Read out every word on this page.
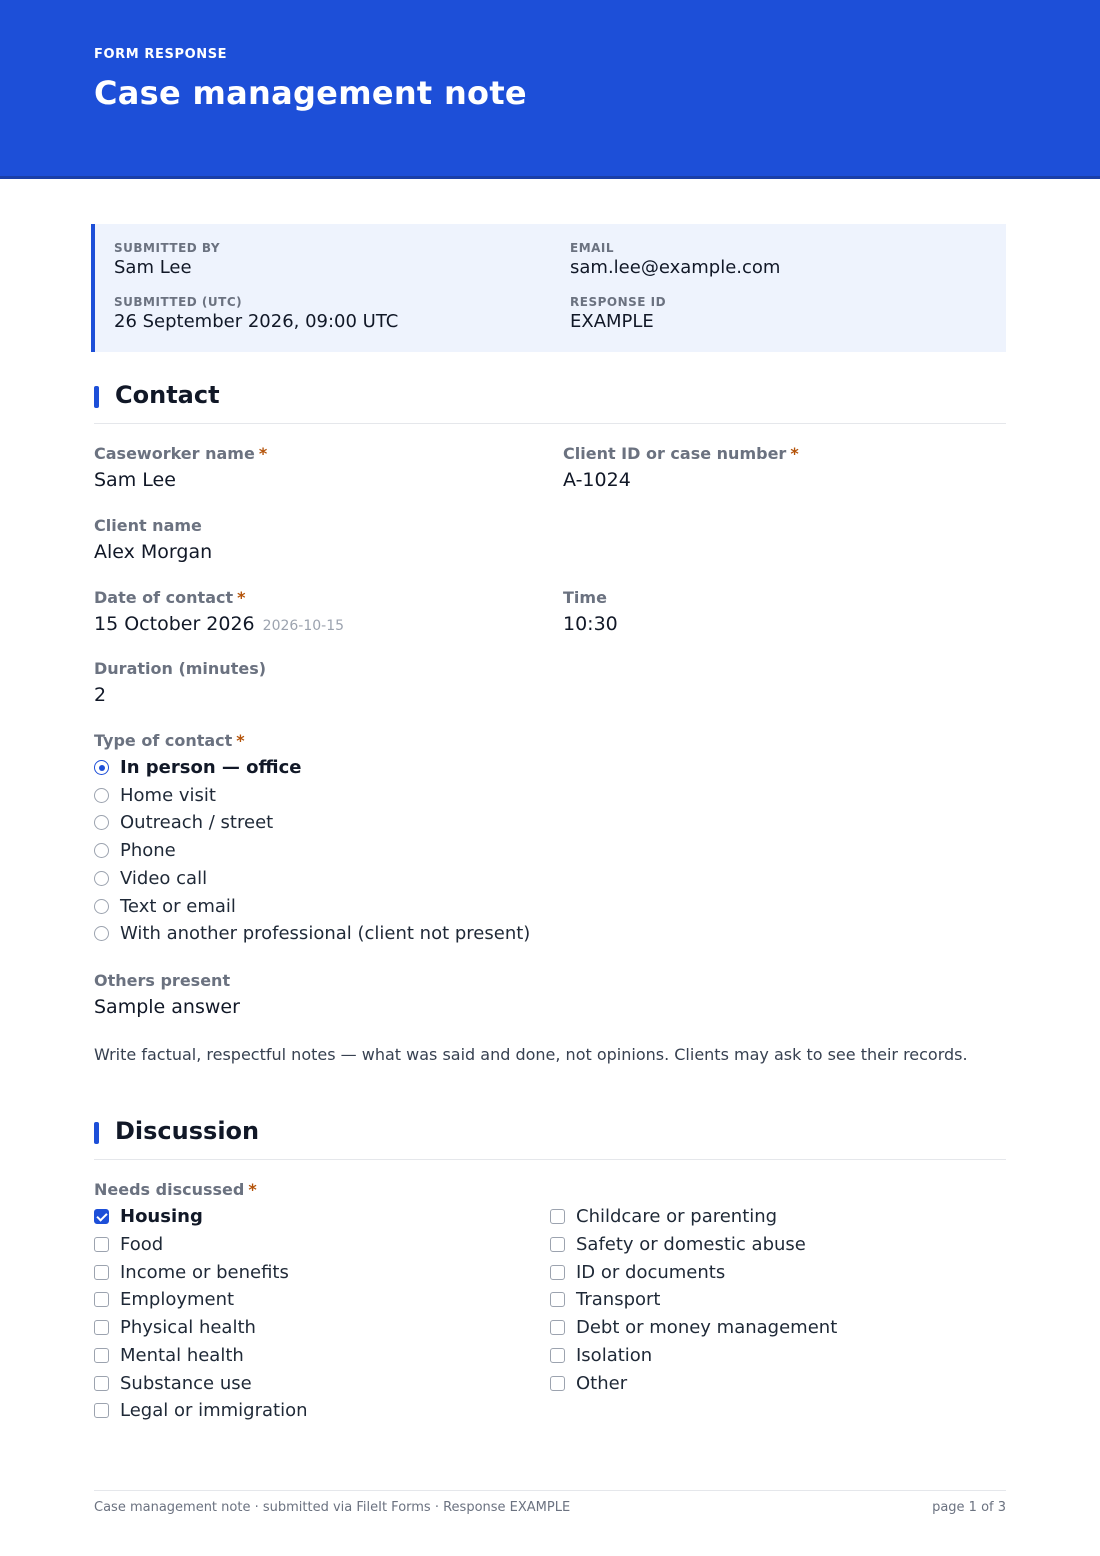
FORM RESPONSE
Case management note
SUBMITTED BY
Sam Lee
EMAIL
sam.lee@example.com
SUBMITTED (UTC)
26 September 2026, 09:00 UTC
RESPONSE ID
EXAMPLE
Contact
Caseworker name *
Sam Lee
Client ID or case number *
A-1024
Client name
Alex Morgan
Date of contact *
15 October 2026 2026-10-15
Time
10:30
Duration (minutes)
2
Type of contact *
In person — office
Home visit
Outreach / street
Phone
Video call
Text or email
With another professional (client not present)
Others present
Sample answer
Write factual, respectful notes — what was said and done, not opinions. Clients may ask to see their records.
Discussion
Needs discussed *
Housing
Food
Income or benefits
Employment
Physical health
Mental health
Substance use
Legal or immigration
Childcare or parenting
Safety or domestic abuse
ID or documents
Transport
Debt or money management
Isolation
Other
Case management note · submitted via FileIt Forms · Response EXAMPLE	page 1 of 3
